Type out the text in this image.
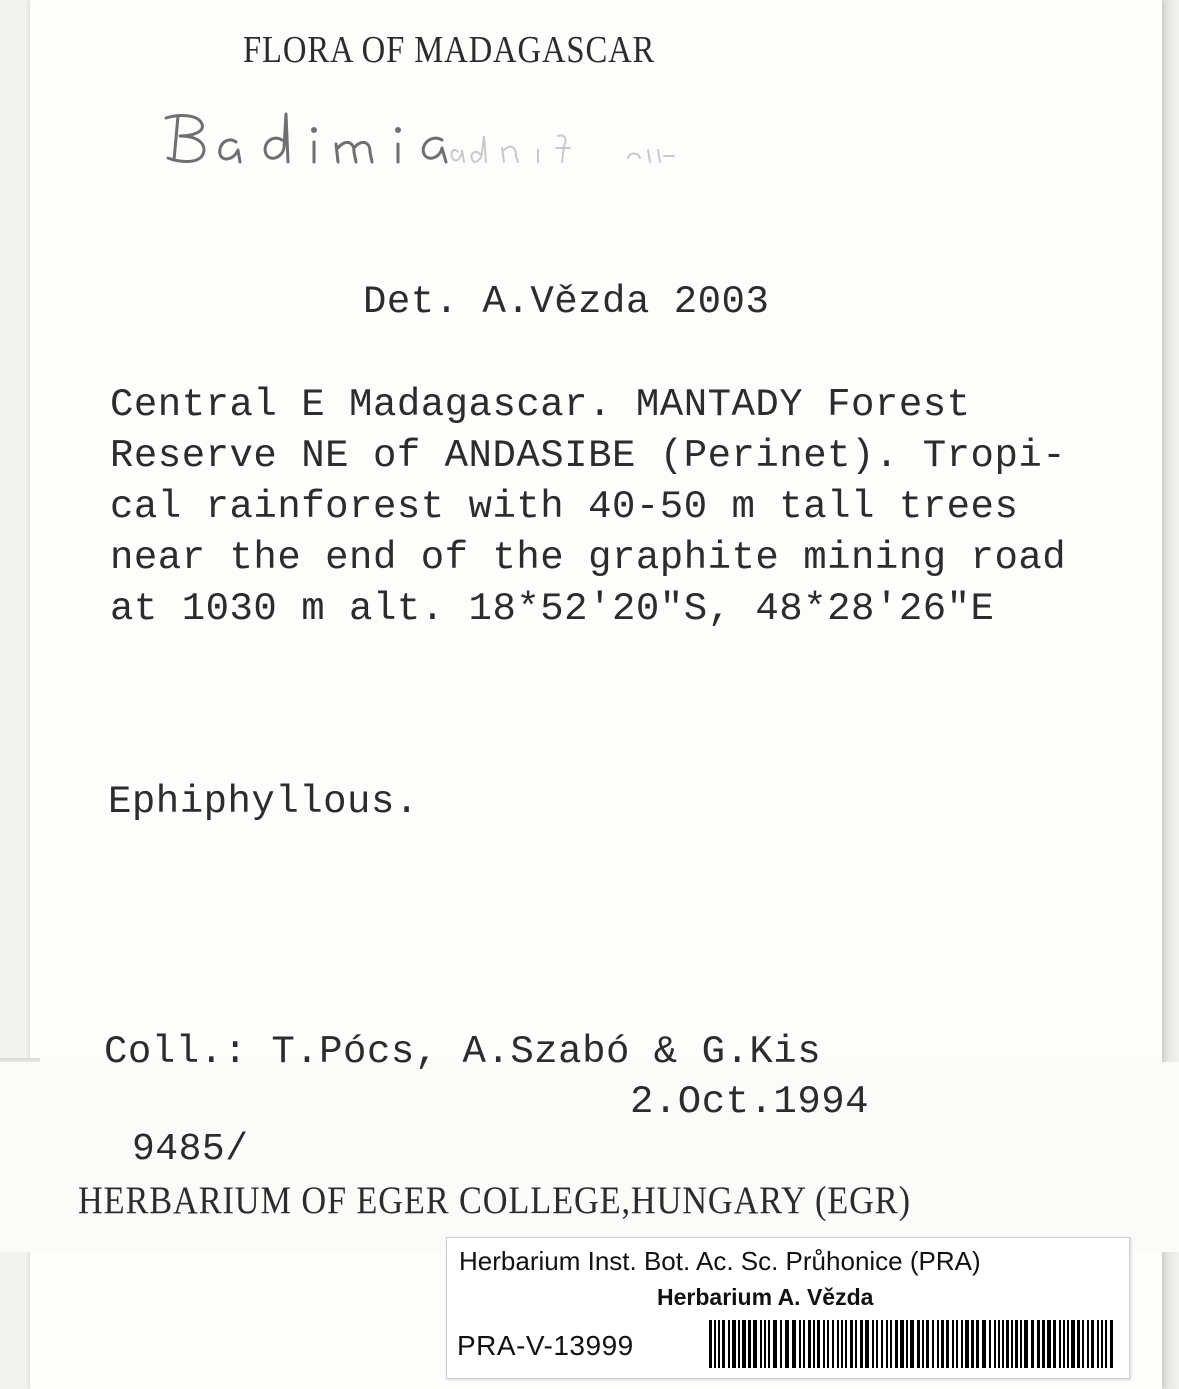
FLORA OF MADAGASCAR
Det. A.Vězda 2003
Central E Madagascar. MANTADY Forest
Reserve NE of ANDASIBE (Perinet). Tropi-
cal rainforest with 40-50 m tall trees
near the end of the graphite mining road
at 1030 m alt. 18*52'20"S, 48*28'26"E
Ephiphyllous.
Coll.: T.Pócs, A.Szabó & G.Kis
2.Oct.1994
9485/
HERBARIUM OF EGER COLLEGE,HUNGARY (EGR)
Herbarium Inst. Bot. Ac. Sc. Průhonice (PRA)
Herbarium A. Vězda
PRA-V-13999
